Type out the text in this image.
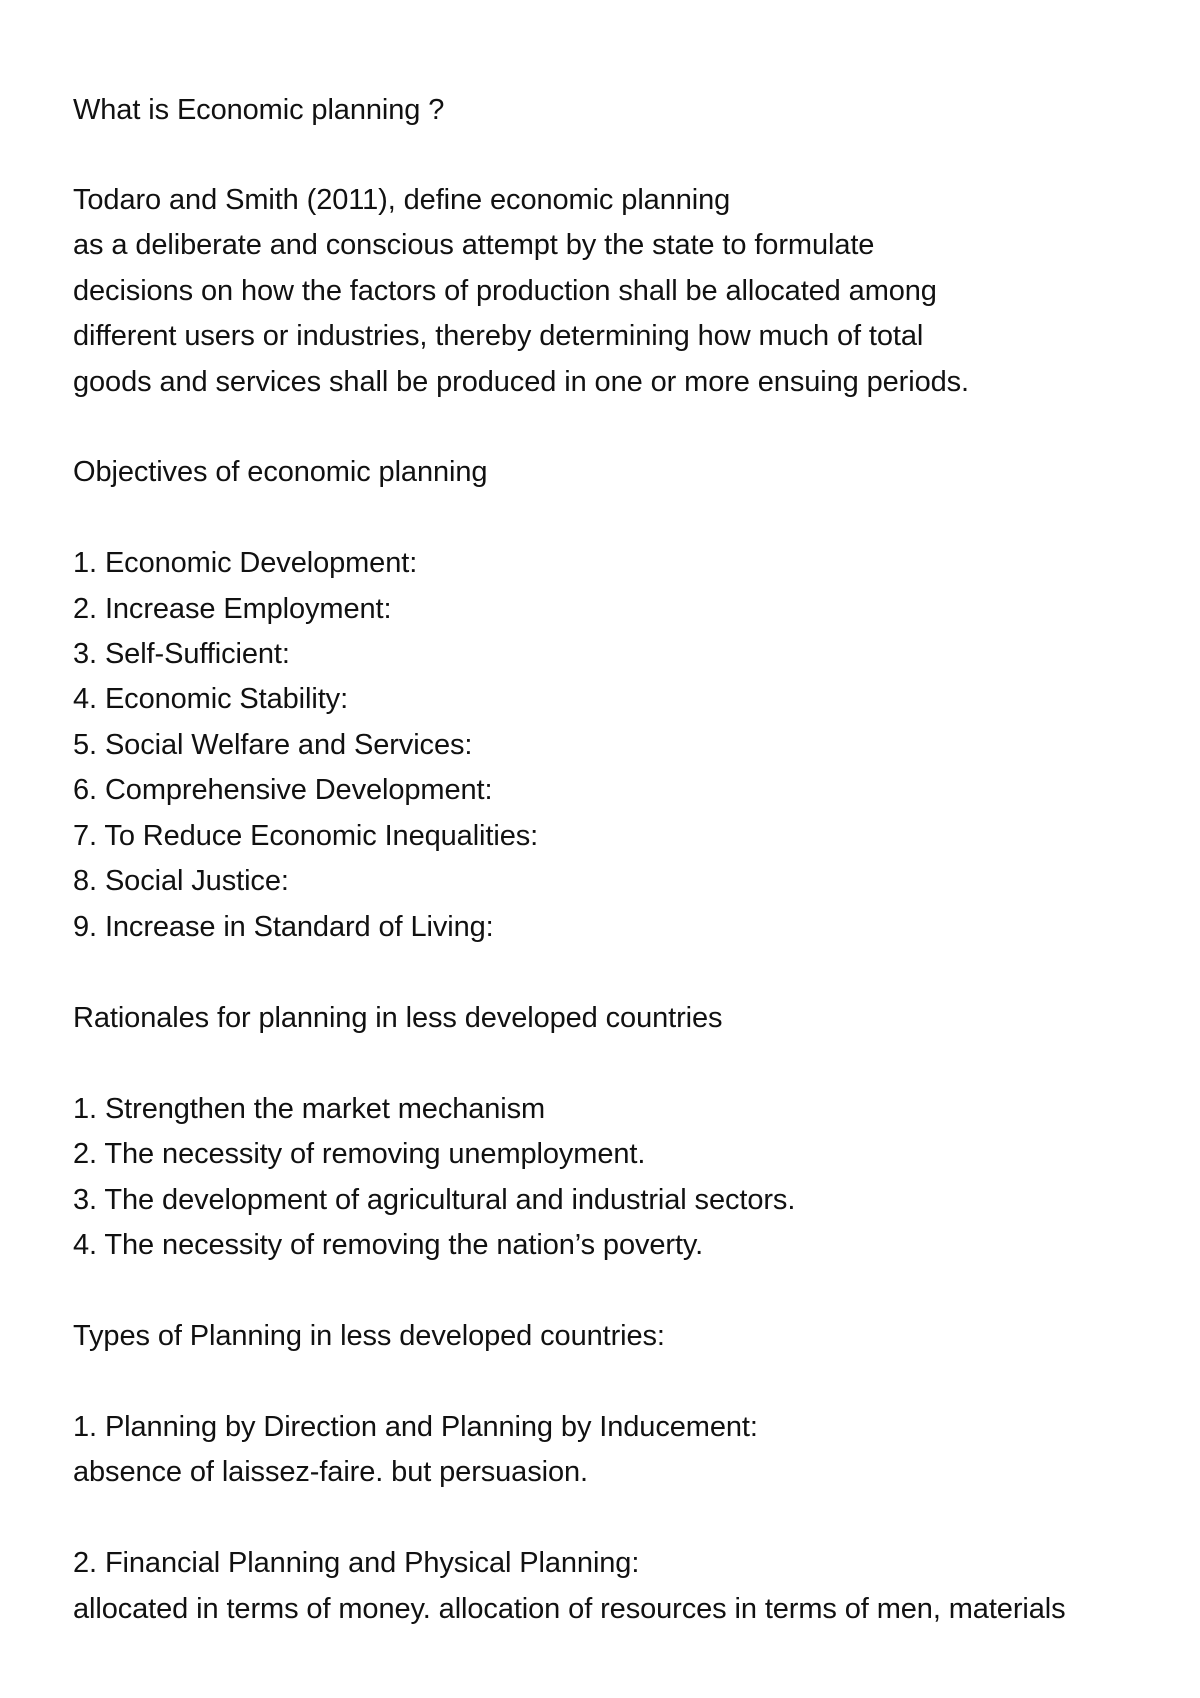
What is Economic planning ?
Todaro and Smith (2011), define economic planning
as a deliberate and conscious attempt by the state to formulate
decisions on how the factors of production shall be allocated among
different users or industries, thereby determining how much of total
goods and services shall be produced in one or more ensuing periods.
Objectives of economic planning
1. Economic Development:
2. Increase Employment:
3. Self-Sufficient:
4. Economic Stability:
5. Social Welfare and Services:
6. Comprehensive Development:
7. To Reduce Economic Inequalities:
8. Social Justice:
9. Increase in Standard of Living:
Rationales for planning in less developed countries
1. Strengthen the market mechanism
2. The necessity of removing unemployment.
3. The development of agricultural and industrial sectors.
4. The necessity of removing the nation’s poverty.
Types of Planning in less developed countries:
1. Planning by Direction and Planning by Inducement:
absence of laissez-faire. but persuasion.
2. Financial Planning and Physical Planning:
allocated in terms of money. allocation of resources in terms of men, materials
